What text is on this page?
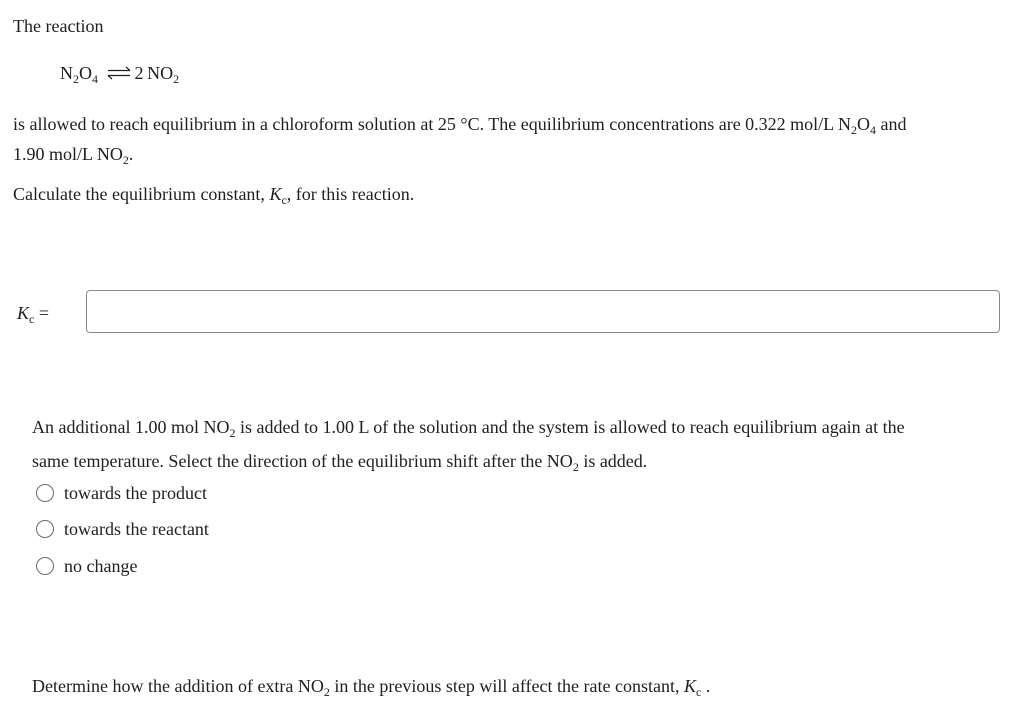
The reaction
$N_2O_4$ ⇌ 2  $NO_2$
is allowed to reach equilibrium in a chloroform solution at 25 °C. The equilibrium concentrations are 0.322 mol/L $N_2O_4$ and
1.90 mol/L $NO_2$.
Calculate the equilibrium constant, $K_c$, for this reaction.
$K_c$ =
An additional 1.00 mol $NO_2$ is added to 1.00 L of the solution and the system is allowed to reach equilibrium again at the
same temperature. Select the direction of the equilibrium shift after the $NO_2$ is added.
towards the product
towards the reactant
no change
Determine how the addition of extra $NO_2$ in the previous step will affect the rate constant, $K_c$ .
